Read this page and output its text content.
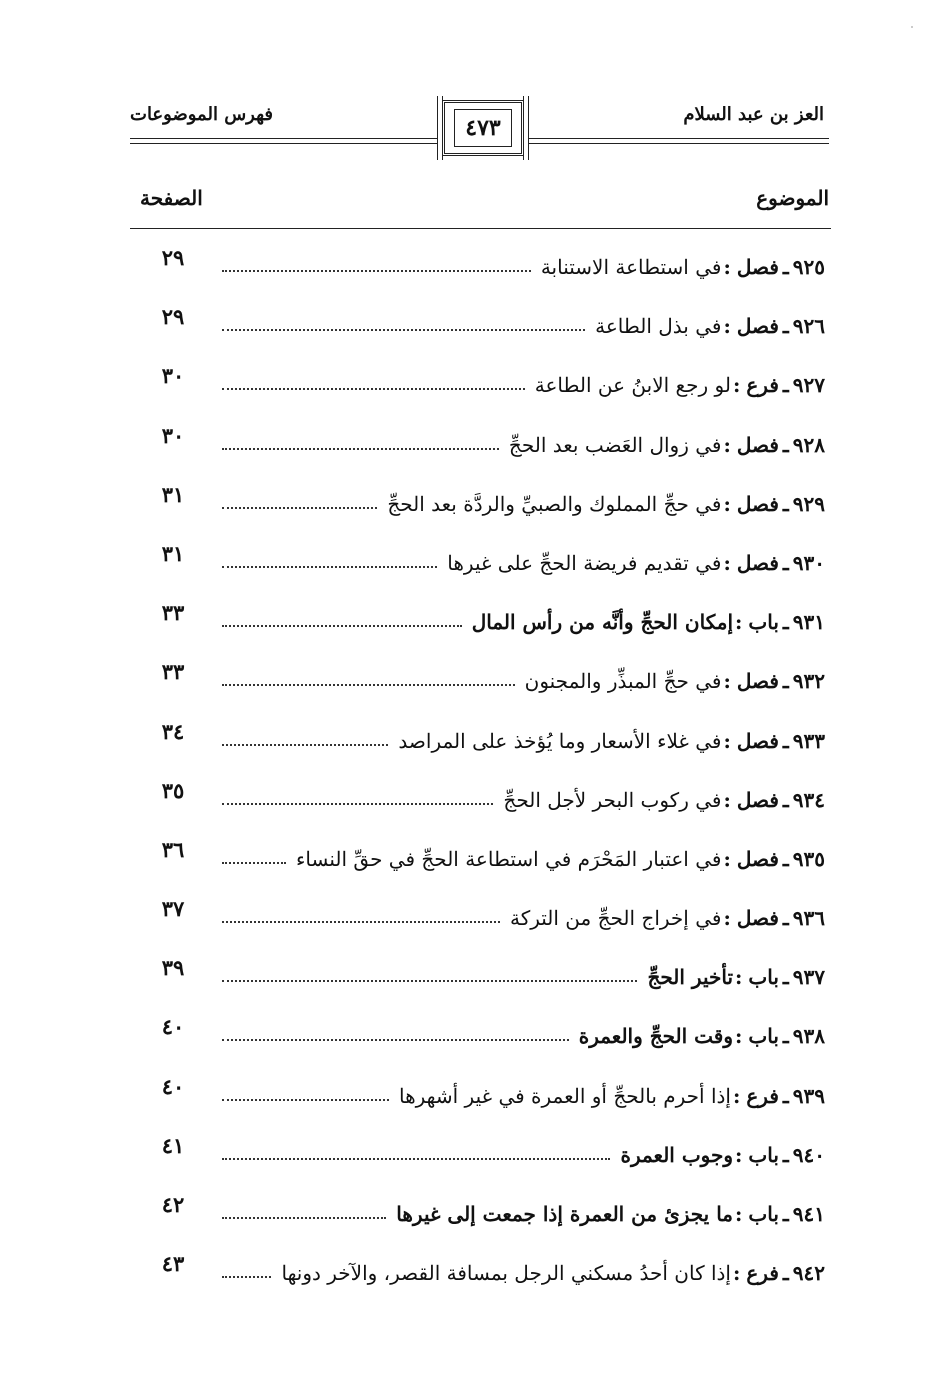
العز بن عبد السلام
فهرس الموضوعات
٤٧٣
الموضوع
الصفحة
٩٢٥
ـ
فصل
:
في استطاعة الاستنابة
٢٩
٩٢٦
ـ
فصل
:
في بذل الطاعة
٢٩
٩٢٧
ـ
فرع
:
لو رجع الابنُ عن الطاعة
٣٠
٩٢٨
ـ
فصل
:
في زوال العَضب بعد الحجِّ
٣٠
٩٢٩
ـ
فصل
:
في حجِّ المملوك والصبيِّ والردَّة بعد الحجِّ
٣١
٩٣٠
ـ
فصل
:
في تقديم فريضة الحجِّ على غيرها
٣١
٩٣١
ـ
باب
:
إمكان الحجِّ وأنَّه من رأس المال
٣٣
٩٣٢
ـ
فصل
:
في حجِّ المبذِّر والمجنون
٣٣
٩٣٣
ـ
فصل
:
في غلاء الأسعار وما يُؤخذ على المراصد
٣٤
٩٣٤
ـ
فصل
:
في ركوب البحر لأجل الحجِّ
٣٥
٩٣٥
ـ
فصل
:
في اعتبار المَحْرَم في استطاعة الحجِّ في حقِّ النساء
٣٦
٩٣٦
ـ
فصل
:
في إخراج الحجِّ من التركة
٣٧
٩٣٧
ـ
باب
:
تأخير الحجِّ
٣٩
٩٣٨
ـ
باب
:
وقت الحجِّ والعمرة
٤٠
٩٣٩
ـ
فرع
:
إذا أحرم بالحجِّ أو العمرة في غير أشهرها
٤٠
٩٤٠
ـ
باب
:
وجوب العمرة
٤١
٩٤١
ـ
باب
:
ما يجزئ من العمرة إذا جمعت إلى غيرها
٤٢
٩٤٢
ـ
فرع
:
إذا كان أحدُ مسكني الرجل بمسافة القصر، والآخر دونها
٤٣
